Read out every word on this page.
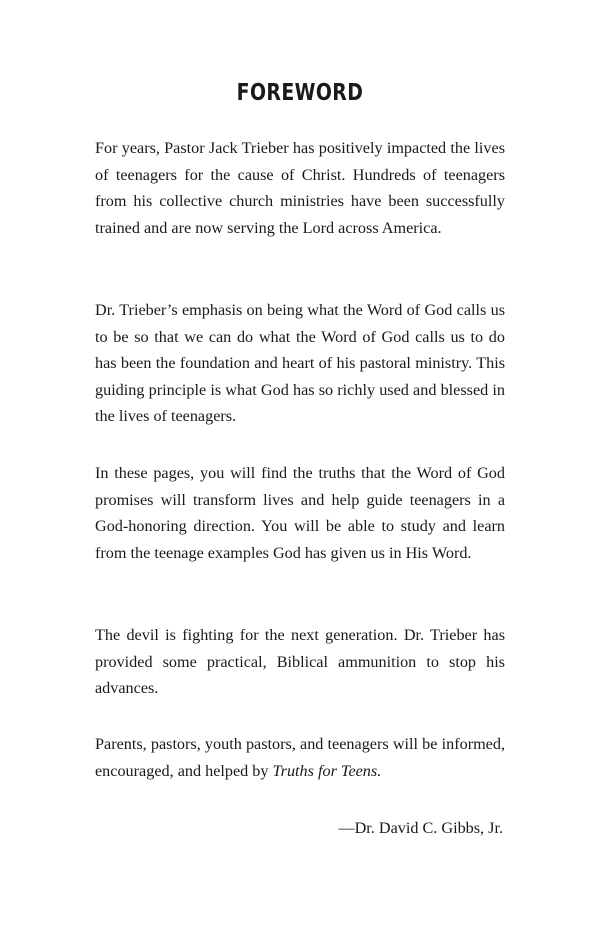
FOREWORD

For years, Pastor Jack Trieber has positively impacted the lives of teenagers for the cause of Christ. Hundreds of teenagers from his collective church ministries have been successfully trained and are now serving the Lord across America.

Dr. Trieber’s emphasis on being what the Word of God calls us to be so that we can do what the Word of God calls us to do has been the foundation and heart of his pastoral ministry. This guiding principle is what God has so richly used and blessed in the lives of teenagers.

In these pages, you will find the truths that the Word of God promises will transform lives and help guide teenagers in a God-honoring direction. You will be able to study and learn from the teenage examples God has given us in His Word.

The devil is fighting for the next generation. Dr. Trieber has provided some practical, Biblical ammunition to stop his advances.

Parents, pastors, youth pastors, and teenagers will be informed, encouraged, and helped by Truths for Teens.

—Dr. David C. Gibbs, Jr.
